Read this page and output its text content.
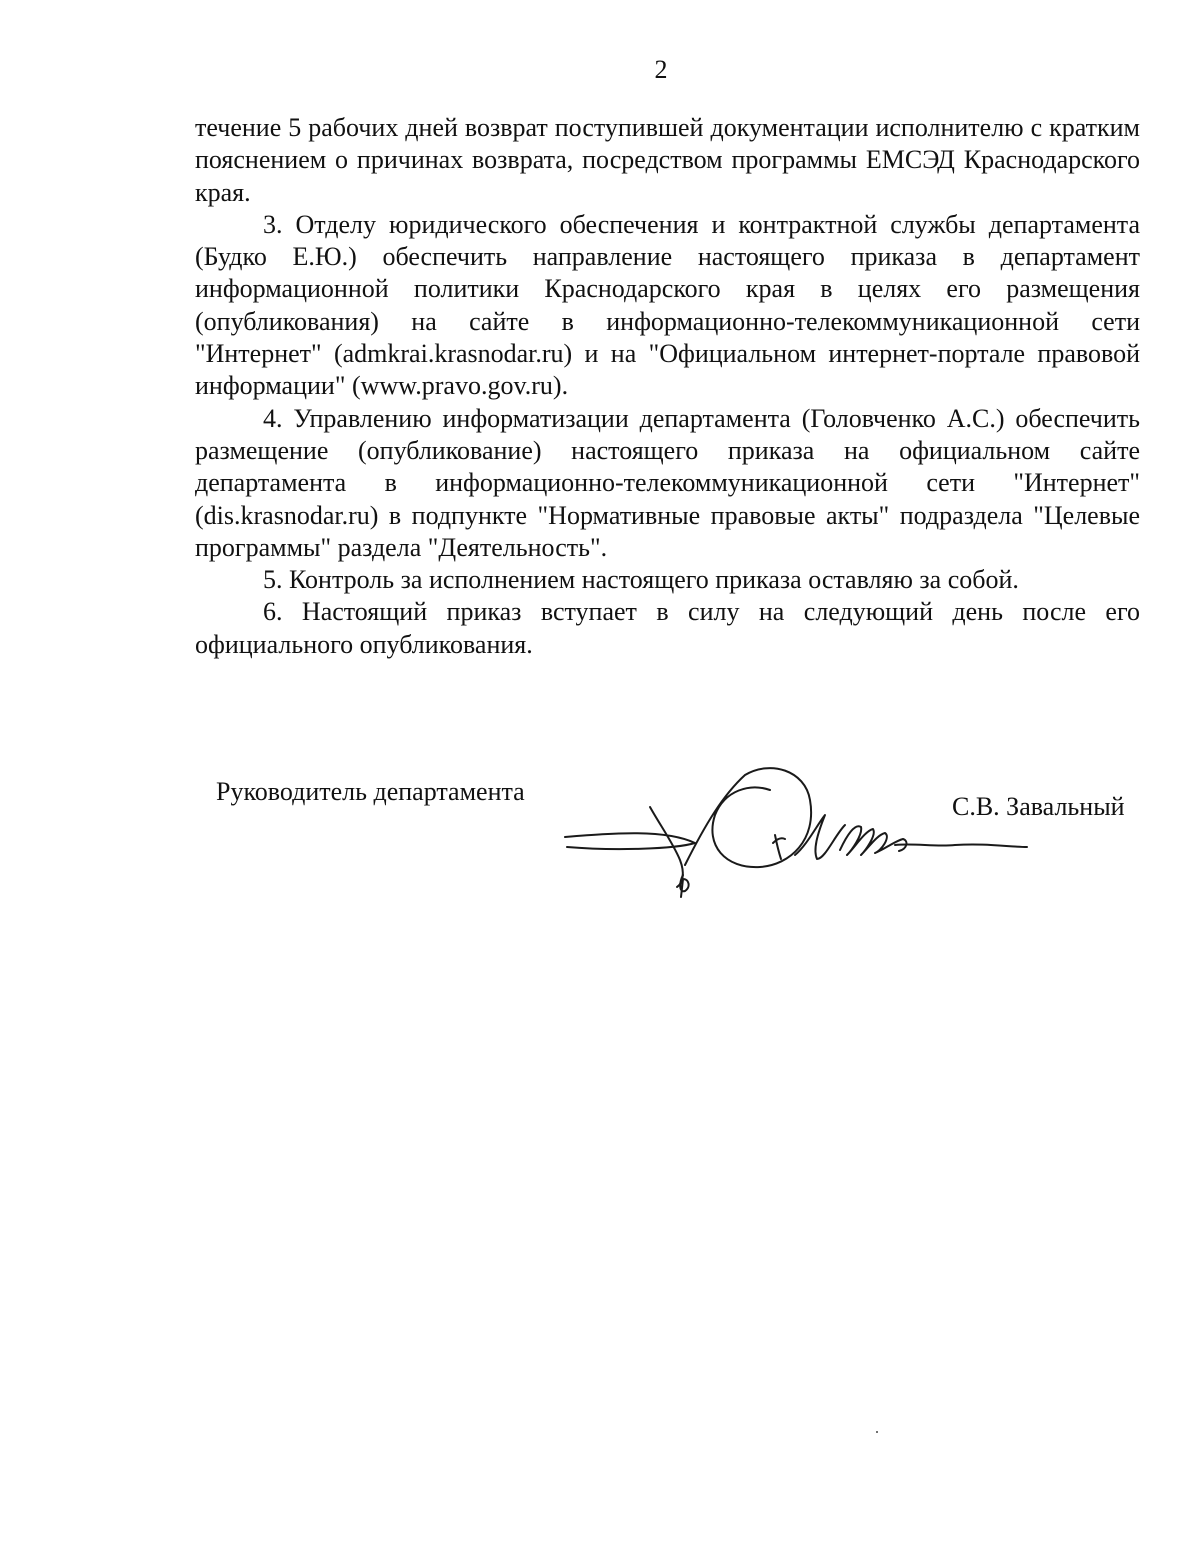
2

течение 5 рабочих дней возврат поступившей документации исполнителю с кратким пояснением о причинах возврата, посредством программы ЕМСЭД Краснодарского края.

3. Отделу юридического обеспечения и контрактной службы департамента (Будко Е.Ю.) обеспечить направление настоящего приказа в департамент информационной политики Краснодарского края в целях его размещения (опубликования) на сайте в информационно-телекоммуникационной сети "Интернет" (admkrai.krasnodar.ru) и на "Официальном интернет-портале правовой информации" (www.pravo.gov.ru).

4. Управлению информатизации департамента (Головченко А.С.) обеспечить размещение (опубликование) настоящего приказа на официальном сайте департамента в информационно-телекоммуникационной сети "Интернет" (dis.krasnodar.ru) в подпункте "Нормативные правовые акты" подраздела "Целевые программы" раздела "Деятельность".

5. Контроль за исполнением настоящего приказа оставляю за собой.

6. Настоящий приказ вступает в силу на следующий день после его официального опубликования.

Руководитель департамента
С.В. Завальный
